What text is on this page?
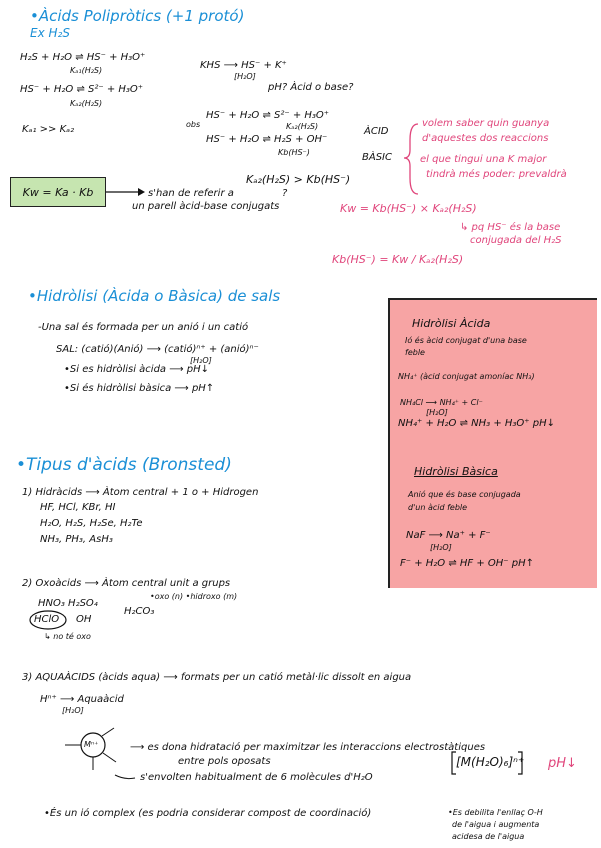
•Àcids Polipròtics (+1 protó)
Ex H₂S
H₂S + H₂O ⇌ HS⁻ + H₃O⁺
Kₐ₁(H₂S)
HS⁻ + H₂O ⇌ S²⁻ + H₃O⁺
Kₐ₂(H₂S)
Kₐ₁ >> Kₐ₂
KHS ⟶ HS⁻ + K⁺
[H₂O]
pH? Àcid o base?
obs
HS⁻ + H₂O ⇌ S²⁻ + H₃O⁺
Kₐ₂(H₂S)	ÀCID
HS⁻ + H₂O ⇌ H₂S + OH⁻
Kb(HS⁻)	BÀSIC
volem saber quin guanya
d'aquestes dos reaccions
el que tingui una K major
tindrà més poder: prevaldrà
Kₐ₂(H₂S) > Kb(HS⁻)
?
Kw = Ka · Kb	s'han de referir a
un parell àcid-base conjugats	Kw = Kb(HS⁻) × Kₐ₂(H₂S)
↳ pq HS⁻ és la base
conjugada del H₂S
Kb(HS⁻) = Kw / Kₐ₂(H₂S)
•Hidròlisi (Àcida o Bàsica) de sals
-Una sal és formada per un anió i un catió
SAL: (catió)(Anió) ⟶ (catió)ⁿ⁺ + (anió)ⁿ⁻
[H₂O]
•Si es hidròlisi àcida ⟶ pH↓
•Si és hidròlisi bàsica ⟶ pH↑
Hidròlisi Àcida
Ió és àcid conjugat d'una base
feble
NH₄⁺ (àcid conjugat amoníac NH₃)
NH₄Cl ⟶ NH₄⁺ + Cl⁻
[H₂O]
NH₄⁺ + H₂O ⇌ NH₃ + H₃O⁺ pH↓
Hidròlisi Bàsica
Anió que és base conjugada
d'un àcid feble
NaF ⟶ Na⁺ + F⁻
[H₂O]
F⁻ + H₂O ⇌ HF + OH⁻ pH↑
•Tipus d'àcids (Bronsted)
1) Hidràcids ⟶ Àtom central + 1 o + Hidrogen
HF, HCl, KBr, HI
H₂O, H₂S, H₂Se, H₂Te
NH₃, PH₃, AsH₃
2) Oxoàcids ⟶ Àtom central unit a grups
•oxo (n) •hidroxo (m)
HNO₃ H₂SO₄
H₂CO₃
HClO OH
↳ no té oxo
3) AQUAÀCIDS (àcids aqua) ⟶ formats per un catió metàl·lic dissolt en aigua
Hⁿ⁺ ⟶ Aquaàcid
[H₂O]
Mⁿ⁺	⟶ es dona hidratació per maximitzar les interaccions electrostàtiques
entre pols oposats
s'envolten habitualment de 6 molècules d'H₂O
•És un ió complex (es podria considerar compost de coordinació)
[M(H₂O)₆]ⁿ⁺ pH↓
•Es debilita l'enllaç O-H
de l'aigua i augmenta
acidesa de l'aigua
